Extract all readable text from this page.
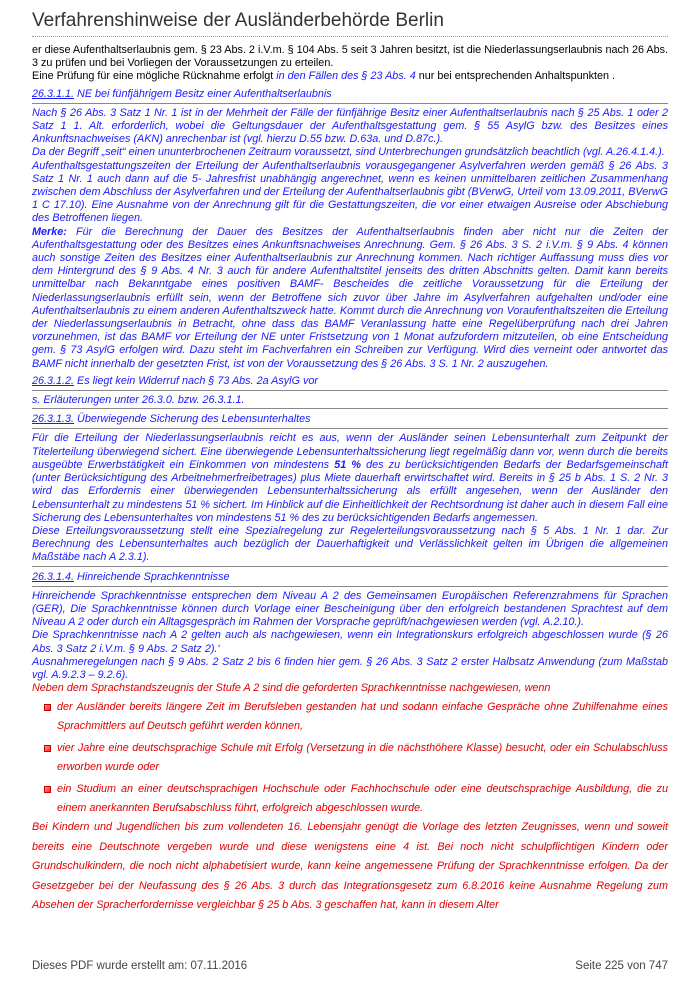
Verfahrenshinweise der Ausländerbehörde Berlin

er diese Aufenthaltserlaubnis gem. § 23 Abs. 2 i.V.m. § 104 Abs. 5 seit 3 Jahren besitzt, ist die Niederlassungserlaubnis nach 26 Abs. 3 zu prüfen und bei Vorliegen der Voraussetzungen zu erteilen.

Eine Prüfung für eine mögliche Rücknahme erfolgt in den Fällen des § 23 Abs. 4 nur bei entsprechenden Anhaltspunkten .

26.3.1.1. NE bei fünfjährigem Besitz einer Aufenthaltserlaubnis

Nach § 26 Abs. 3 Satz 1 Nr. 1 ist in der Mehrheit der Fälle der fünfjährige Besitz einer Aufenthaltserlaubnis nach § 25 Abs. 1 oder 2 Satz 1 1. Alt. erforderlich, wobei die Geltungsdauer der Aufenthaltsgestattung gem. § 55 AsylG bzw. des Besitzes eines Ankunftsnachweises (AKN) anrechenbar ist (vgl. hierzu D.55 bzw. D.63a. und D.87c.).

Da der Begriff „seit“ einen ununterbrochenen Zeitraum voraussetzt, sind Unterbrechungen grundsätzlich beachtlich (vgl. A.26.4.1.4.).

Aufenthaltsgestattungszeiten der Erteilung der Aufenthaltserlaubnis vorausgegangener Asylverfahren werden gemäß § 26 Abs. 3 Satz 1 Nr. 1 auch dann auf die 5- Jahresfrist unabhängig angerechnet, wenn es keinen unmittelbaren zeitlichen Zusammenhang zwischen dem Abschluss der Asylverfahren und der Erteilung der Aufenthaltserlaubnis gibt (BVerwG, Urteil vom 13.09.2011, BVerwG 1 C 17.10). Eine Ausnahme von der Anrechnung gilt für die Gestattungszeiten, die vor einer etwaigen Ausreise oder Abschiebung des Betroffenen liegen.

Merke: Für die Berechnung der Dauer des Besitzes der Aufenthaltserlaubnis finden aber nicht nur die Zeiten der Aufenthaltsgestattung oder des Besitzes eines Ankunftsnachweises Anrechnung. Gem. § 26 Abs. 3 S. 2 i.V.m. § 9 Abs. 4 können auch sonstige Zeiten des Besitzes einer Aufenthaltserlaubnis zur Anrechnung kommen. Nach richtiger Auffassung muss dies vor dem Hintergrund des § 9 Abs. 4 Nr. 3 auch für andere Aufenthaltstitel jenseits des dritten Abschnitts gelten. Damit kann bereits unmittelbar nach Bekanntgabe eines positiven BAMF- Bescheides die zeitliche Voraussetzung für die Erteilung der Niederlassungserlaubnis erfüllt sein, wenn der Betroffene sich zuvor über Jahre im Asylverfahren aufgehalten und/oder eine Aufenthaltserlaubnis zu einem anderen Aufenthaltszweck hatte. Kommt durch die Anrechnung von Voraufenthaltszeiten die Erteilung der Niederlassungserlaubnis in Betracht, ohne dass das BAMF Veranlassung hatte eine Regelüberprüfung nach drei Jahren vorzunehmen, ist das BAMF vor Erteilung der NE unter Fristsetzung von 1 Monat aufzufordern mitzuteilen, ob eine Entscheidung gem. § 73 AsylG erfolgen wird. Dazu steht im Fachverfahren ein Schreiben zur Verfügung. Wird dies verneint oder antwortet das BAMF nicht innerhalb der gesetzten Frist, ist von der Voraussetzung des § 26 Abs. 3 S. 1 Nr. 2 auszugehen.

26.3.1.2. Es liegt kein Widerruf nach § 73 Abs. 2a AsylG vor

s. Erläuterungen unter 26.3.0. bzw. 26.3.1.1.

26.3.1.3. Überwiegende Sicherung des Lebensunterhaltes

Für die Erteilung der Niederlassungserlaubnis reicht es aus, wenn der Ausländer seinen Lebensunterhalt zum Zeitpunkt der Titelerteilung überwiegend sichert. Eine überwiegende Lebensunterhaltssicherung liegt regelmäßig dann vor, wenn durch die bereits ausgeübte Erwerbstätigkeit ein Einkommen von mindestens 51 % des zu berücksichtigenden Bedarfs der Bedarfsgemeinschaft (unter Berücksichtigung des Arbeitnehmerfreibetrages) plus Miete dauerhaft erwirtschaftet wird. Bereits in § 25 b Abs. 1 S. 2 Nr. 3 wird das Erfordernis einer überwiegenden Lebensunterhaltssicherung als erfüllt angesehen, wenn der Ausländer den Lebensunterhalt zu mindestens 51 % sichert. Im Hinblick auf die Einheitlichkeit der Rechtsordnung ist daher auch in diesem Fall eine Sicherung des Lebensunterhaltes von mindestens 51 % des zu berücksichtigenden Bedarfs angemessen.

Diese Erteilungsvoraussetzung stellt eine Spezialregelung zur Regelerteilungsvoraussetzung nach § 5 Abs. 1 Nr. 1 dar. Zur Berechnung des Lebensunterhaltes auch bezüglich der Dauerhaftigkeit und Verlässlichkeit gelten im Übrigen die allgemeinen Maßstäbe nach A 2.3.1).

26.3.1.4. Hinreichende Sprachkenntnisse

Hinreichende Sprachkenntnisse entsprechen dem Niveau A 2 des Gemeinsamen Europäischen Referenzrahmens für Sprachen (GER), Die Sprachkenntnisse können durch Vorlage einer Bescheinigung über den erfolgreich bestandenen Sprachtest auf dem Niveau A 2 oder durch ein Alltagsgespräch im Rahmen der Vorsprache geprüft/nachgewiesen werden (vgl. A.2.10.).

Die Sprachkenntnisse nach A 2 gelten auch als nachgewiesen, wenn ein Integrationskurs erfolgreich abgeschlossen wurde (§ 26 Abs. 3 Satz 2 i.V.m. § 9 Abs. 2 Satz 2).‘

Ausnahmeregelungen nach § 9 Abs. 2 Satz 2 bis 6 finden hier gem. § 26 Abs. 3 Satz 2 erster Halbsatz Anwendung (zum Maßstab vgl. A.9.2.3 – 9.2.6).

Neben dem Sprachstandszeugnis der Stufe A 2 sind die geforderten Sprachkenntnisse nachgewiesen, wenn

der Ausländer bereits längere Zeit im Berufsleben gestanden hat und sodann einfache Gespräche ohne Zuhilfenahme eines Sprachmittlers auf Deutsch geführt werden können,
vier Jahre eine deutschsprachige Schule mit Erfolg (Versetzung in die nächsthöhere Klasse) besucht, oder ein Schulabschluss erworben wurde oder
ein Studium an einer deutschsprachigen Hochschule oder Fachhochschule oder eine deutschsprachige Ausbildung, die zu einem anerkannten Berufsabschluss führt, erfolgreich abgeschlossen wurde.

Bei Kindern und Jugendlichen bis zum vollendeten 16. Lebensjahr genügt die Vorlage des letzten Zeugnisses, wenn und soweit bereits eine Deutschnote vergeben wurde und diese wenigstens eine 4 ist. Bei noch nicht schulpflichtigen Kindern oder Grundschulkindern, die noch nicht alphabetisiert wurde, kann keine angemessene Prüfung der Sprachkenntnisse erfolgen. Da der Gesetzgeber bei der Neufassung des § 26 Abs. 3 durch das Integrationsgesetz zum 6.8.2016 keine Ausnahme Regelung zum Absehen der Spracherfordernisse vergleichbar § 25 b Abs. 3 geschaffen hat, kann in diesem Alter

Dieses PDF wurde erstellt am: 07.11.2016	Seite 225 von 747
